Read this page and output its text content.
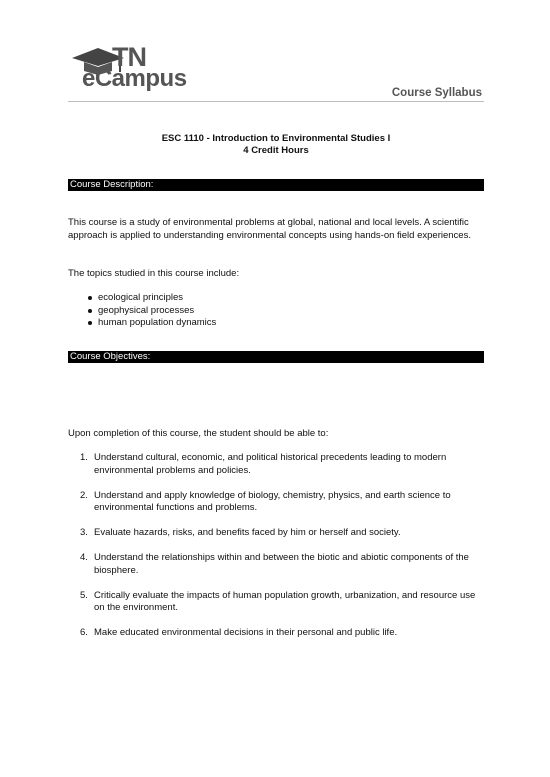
TN
eCampus
Course Syllabus
ESC 1110 - Introduction to Environmental Studies I
4 Credit Hours
Course Description:

This course is a study of environmental problems at global, national and local levels. A scientific approach is applied to understanding environmental concepts using hands-on field experiences.

The topics studied in this course include:

ecological principles
geophysical processes
human population dynamics
Course Objectives:

Upon completion of this course, the student should be able to:

1. Understand cultural, economic, and political historical precedents leading to modern environmental problems and policies.
2. Understand and apply knowledge of biology, chemistry, physics, and earth science to environmental functions and problems.
3. Evaluate hazards, risks, and benefits faced by him or herself and society.
4. Understand the relationships within and between the biotic and abiotic components of the biosphere.
5. Critically evaluate the impacts of human population growth, urbanization, and resource use on the environment.
6. Make educated environmental decisions in their personal and public life.
